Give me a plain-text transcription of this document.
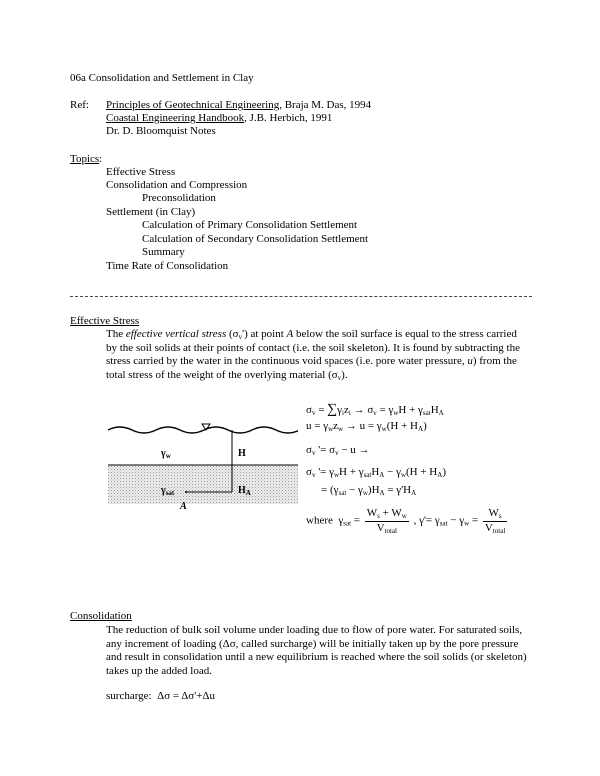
06a Consolidation and Settlement in Clay
Ref: Principles of Geotechnical Engineering, Braja M. Das, 1994
Coastal Engineering Handbook, J.B. Herbich, 1991
Dr. D. Bloomquist Notes
Topics:
Effective Stress
Consolidation and Compression
Preconsolidation
Settlement (in Clay)
Calculation of Primary Consolidation Settlement
Calculation of Secondary Consolidation Settlement
Summary
Time Rate of Consolidation
Effective Stress
The effective vertical stress $(\sigma_v')$ at point A below the soil surface is equal to the stress carried by the soil solids at their points of contact (i.e. the soil skeleton). It is found by subtracting the stress carried by the water in the continuous void spaces (i.e. pore water pressure, u) from the total stress of the weight of the overlying material $(\sigma_v)$.
$\gamma_w$
$\gamma_{sat}$
H
$H_A$
A
$\sigma_v = \sum\gamma_iz_i \to \sigma_v = \gamma_wH + \gamma_{sat}H_A$
$u = \gamma_wz_w \to u = \gamma_w(H + H_A)$
$\sigma_v$ '= $\sigma_v - u$ →
$\sigma_v$ '= $\gamma_wH + \gamma_{sat}H_A - \gamma_w(H + H_A)$
= $(\gamma_{sat} - \gamma_w)H_A = \gamma'H_A$
where  $\gamma_{sat} = \frac{W_s + W_w}{V_{total}}$ , $\gamma'= \gamma_{sat} - \gamma_w = \frac{W_s}{V_{total}}$
Consolidation
The reduction of bulk soil volume under loading due to flow of pore water. For saturated soils, any increment of loading (Δσ, called surcharge) will be initially taken up by the pore pressure and result in consolidation until a new equilibrium is reached where the soil solids (or skeleton) takes up the added load.
surcharge: Δσ = Δσ'+Δu
